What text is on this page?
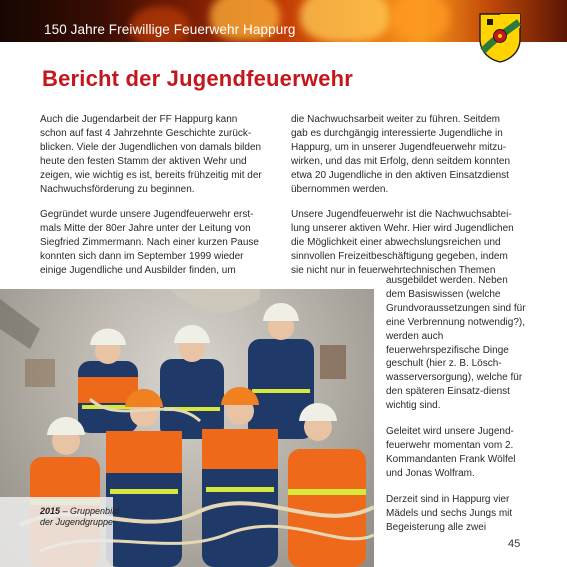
150 Jahre Freiwillige Feuerwehr Happurg
Bericht der Jugendfeuerwehr

Auch die Jugendarbeit der FF Happurg kann schon auf fast 4 Jahrzehnte Geschichte zurück-blicken. Viele der Jugendlichen von damals bilden heute den festen Stamm der aktiven Wehr und zeigen, wie wichtig es ist, bereits frühzeitig mit der Nachwuchsförderung zu beginnen.

Gegründet wurde unsere Jugendfeuerwehr erst-mals Mitte der 80er Jahre unter der Leitung von Siegfried Zimmermann. Nach einer kurzen Pause konnten sich dann im September 1999 wieder einige Jugendliche und Ausbilder finden, um

die Nachwuchsarbeit weiter zu führen. Seitdem gab es durchgängig interessierte Jugendliche in Happurg, um in unserer Jugendfeuerwehr mitzu-wirken, und das mit Erfolg, denn seitdem konnten etwa 20 Jugendliche in den aktiven Einsatzdienst übernommen werden.

Unsere Jugendfeuerwehr ist die Nachwuchsabtei-lung unserer aktiven Wehr. Hier wird Jugendlichen die Möglichkeit einer abwechslungsreichen und sinnvollen Freizeitbeschäftigung gegeben, indem sie nicht nur in feuerwehrtechnischen Themen

ausgebildet werden. Neben dem Basiswissen (welche Grundvoraussetzungen sind für eine Verbrennung notwendig?), werden auch feuerwehrspezifische Dinge geschult (hier z. B. Lösch-wasserversorgung), welche für den späteren Einsatz-dienst wichtig sind.

Geleitet wird unsere Jugend-feuerwehr momentan vom 2. Kommandanten Frank Wölfel und Jonas Wolfram.

Derzeit sind in Happurg vier Mädels und sechs Jungs mit Begeisterung alle zwei

2015 – Gruppenbild der Jugendgruppe
45
